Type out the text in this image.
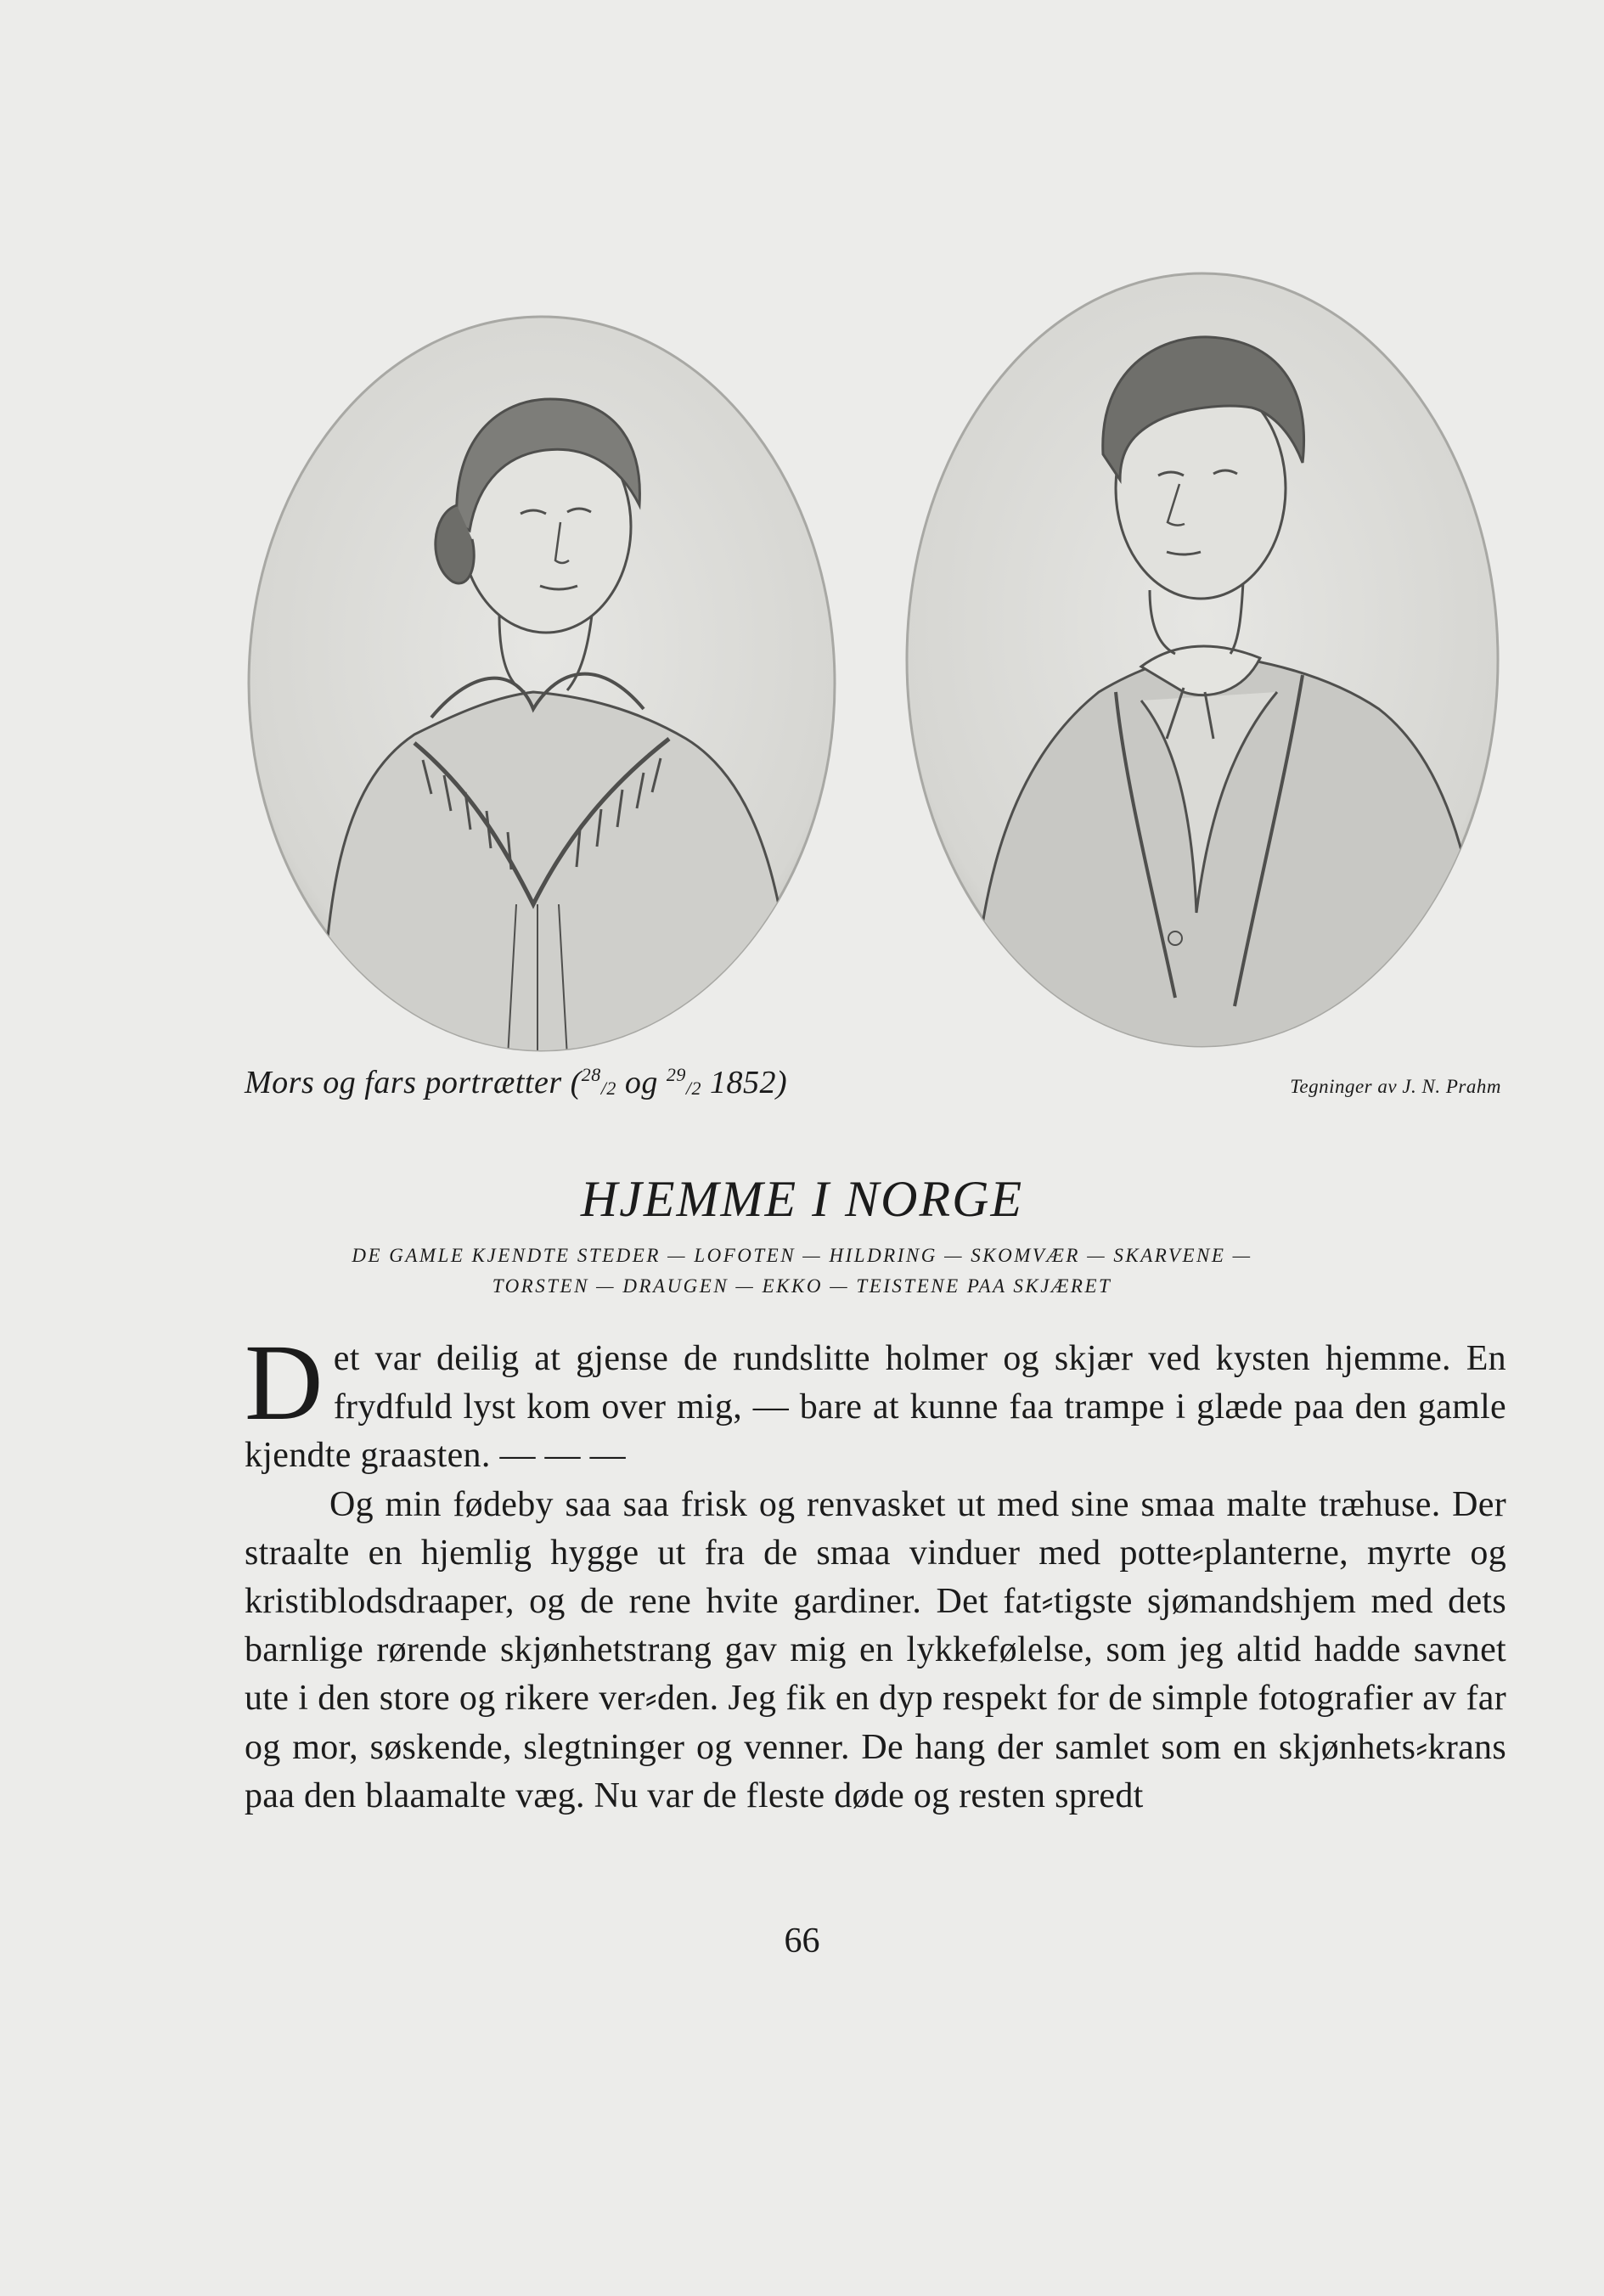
Mors og fars portrætter ($^{28}_{/2}$ og $^{29}_{/2}$ 1852)	Tegninger av J. N. Prahm
HJEMME I NORGE
DE GAMLE KJENDTE STEDER — LOFOTEN — HILDRING — SKOMVÆR — SKARVENE —
TORSTEN — DRAUGEN — EKKO — TEISTENE PAA SKJÆRET

Det var deilig at gjense de rundslitte holmer og skjær ved kysten hjemme. En frydfuld lyst kom over mig, — bare at kunne faa trampe i glæde paa den gamle kjendte graasten. — — —

Og min fødeby saa saa frisk og renvasket ut med sine smaa malte træhuse. Der straalte en hjemlig hygge ut fra de smaa vinduer med potte⸗planterne, myrte og kristiblodsdraaper, og de rene hvite gardiner. Det fat⸗tigste sjømandshjem med dets barnlige rørende skjønhetstrang gav mig en lykkefølelse, som jeg altid hadde savnet ute i den store og rikere ver⸗den. Jeg fik en dyp respekt for de simple fotografier av far og mor, søskende, slegtninger og venner. De hang der samlet som en skjønhets⸗krans paa den blaamalte væg. Nu var de fleste døde og resten spredt

66
